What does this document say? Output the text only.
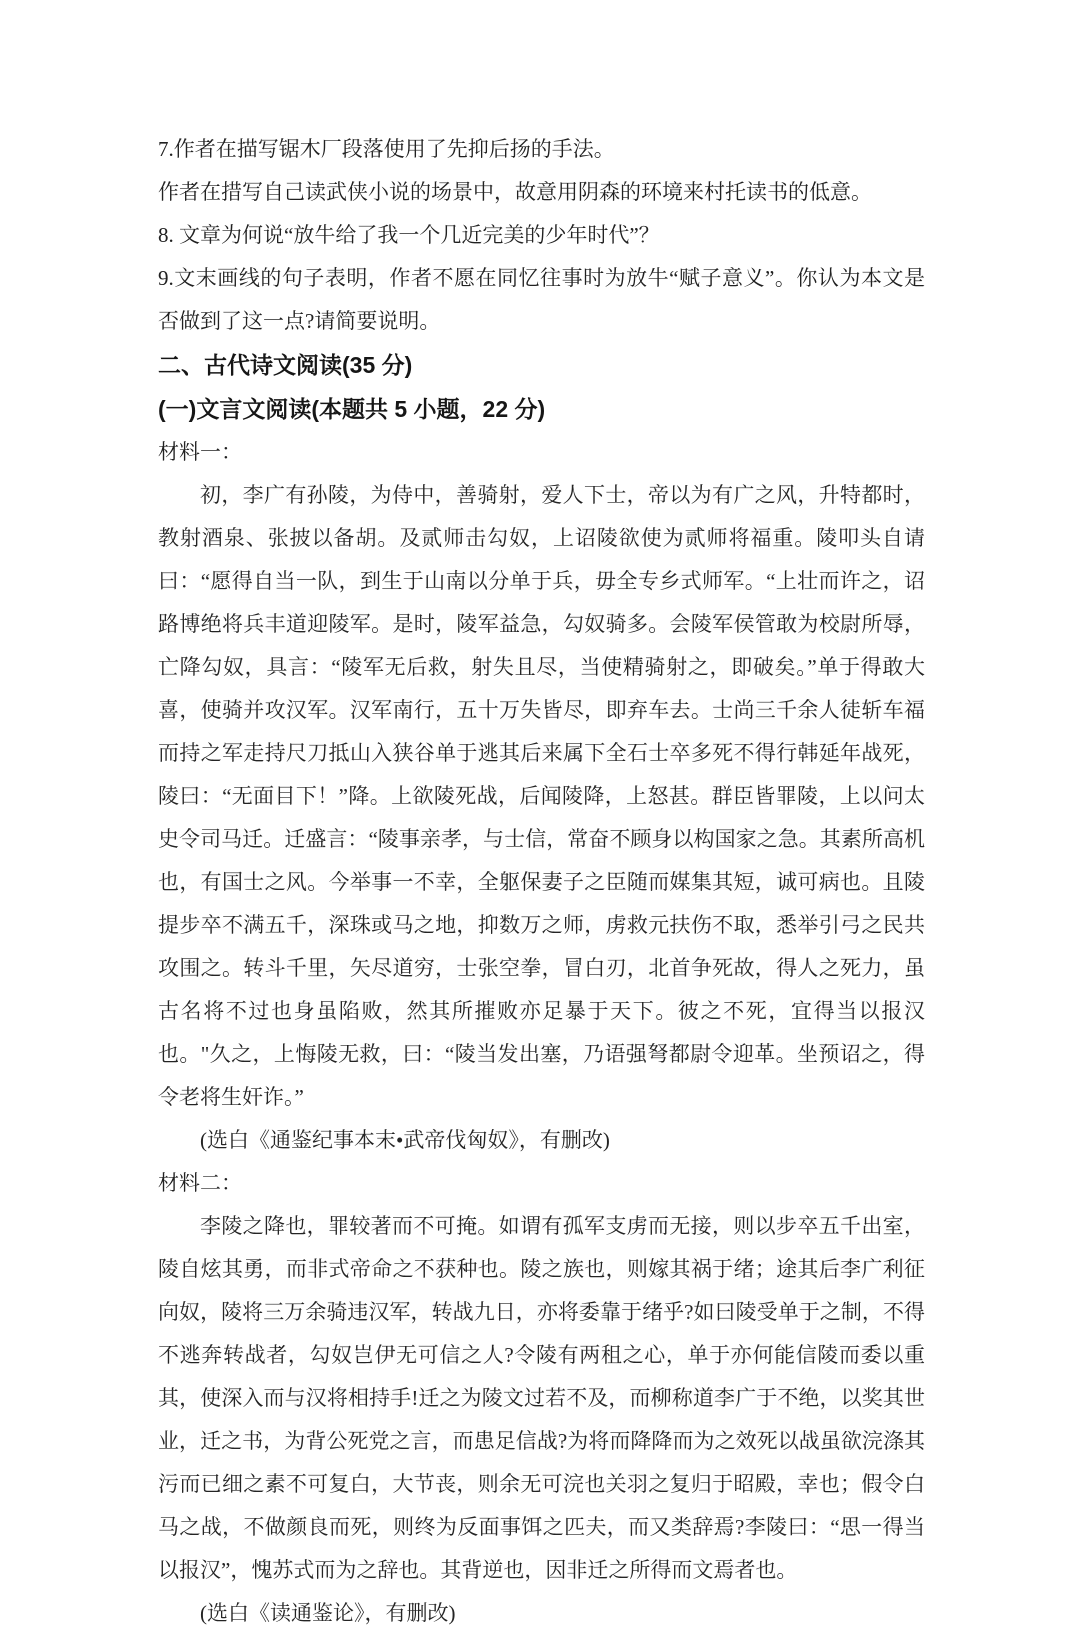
7.作者在描写锯木厂段落使用了先抑后扬的手法。

作者在措写自己读武侠小说的场景中，故意用阴森的环境来村托读书的低意。

8. 文章为何说“放牛给了我一个几近完美的少年时代”？

9.文末画线的句子表明，作者不愿在同忆往事时为放牛“赋子意义”。你认为本文是否做到了这一点?请简要说明。

二、古代诗文阅读(35 分)

(一)文言文阅读(本题共 5 小题，22 分)

材料一：

初，李广有孙陵，为侍中，善骑射，爱人下士，帝以为有广之风，升特都时，教射酒泉、张披以备胡。及贰师击勾奴，上诏陵欲使为贰师将福重。陵叩头自请曰：“愿得自当一队，到生于山南以分单于兵，毋全专乡式师军。“上壮而许之，诏路博绝将兵丰道迎陵军。是时，陵军益急，勾奴骑多。会陵军侯管敢为校尉所辱，亡降勾奴，具言：“陵军无后救，射失且尽，当使精骑射之，即破矣。”单于得敢大喜，使骑并攻汉军。汉军南行，五十万失皆尽，即弃车去。士尚三千余人徒斩车福而持之军走持尺刀抵山入狭谷单于逃其后来属下全石士卒多死不得行韩延年战死，陵曰：“无面目下！”降。上欲陵死战，后闻陵降，上怒甚。群臣皆罪陵，上以问太史令司马迁。迁盛言：“陵事亲孝，与士信，常奋不顾身以构国家之急。其素所高机也，有国士之风。今举事一不幸，全躯保妻子之臣随而媒集其短，诚可病也。且陵提步卒不满五千，深珠或马之地，抑数万之师，虏救元扶伤不取，悉举引弓之民共攻围之。转斗千里，矢尽道穷，士张空拳，冒白刃，北首争死故，得人之死力，虽古名将不过也身虽陷败，然其所摧败亦足暴于天下。彼之不死，宜得当以报汉也。"久之，上悔陵无救，曰：“陵当发出塞，乃语强弩都尉令迎革。坐预诏之，得令老将生奸诈。”

(选白《通鉴纪事本末•武帝伐匈奴》，有删改)

材料二：

李陵之降也，罪较著而不可掩。如谓有孤军支虏而无接，则以步卒五千出室，陵自炫其勇，而非式帝命之不获种也。陵之族也，则嫁其祸于绪；途其后李广利征向奴，陵将三万余骑违汉军，转战九日，亦将委靠于绪乎?如曰陵受单于之制，不得不逃奔转战者，勾奴岂伊无可信之人?令陵有两租之心，单于亦何能信陵而委以重其，使深入而与汉将相持手!迁之为陵文过若不及，而柳称道李广于不绝，以奖其世业，迁之书，为背公死党之言，而患足信战?为将而降降而为之效死以战虽欲浣涤其污而已细之素不可复白，大节丧，则余无可浣也关羽之复归于昭殿，幸也；假令白马之战，不做颜良而死，则终为反面事饵之匹夫，而又类辞焉?李陵曰：“思一得当以报汉”，愧苏式而为之辞也。其背逆也，因非迁之所得而文焉者也。

(选白《读通鉴论》，有删改)
